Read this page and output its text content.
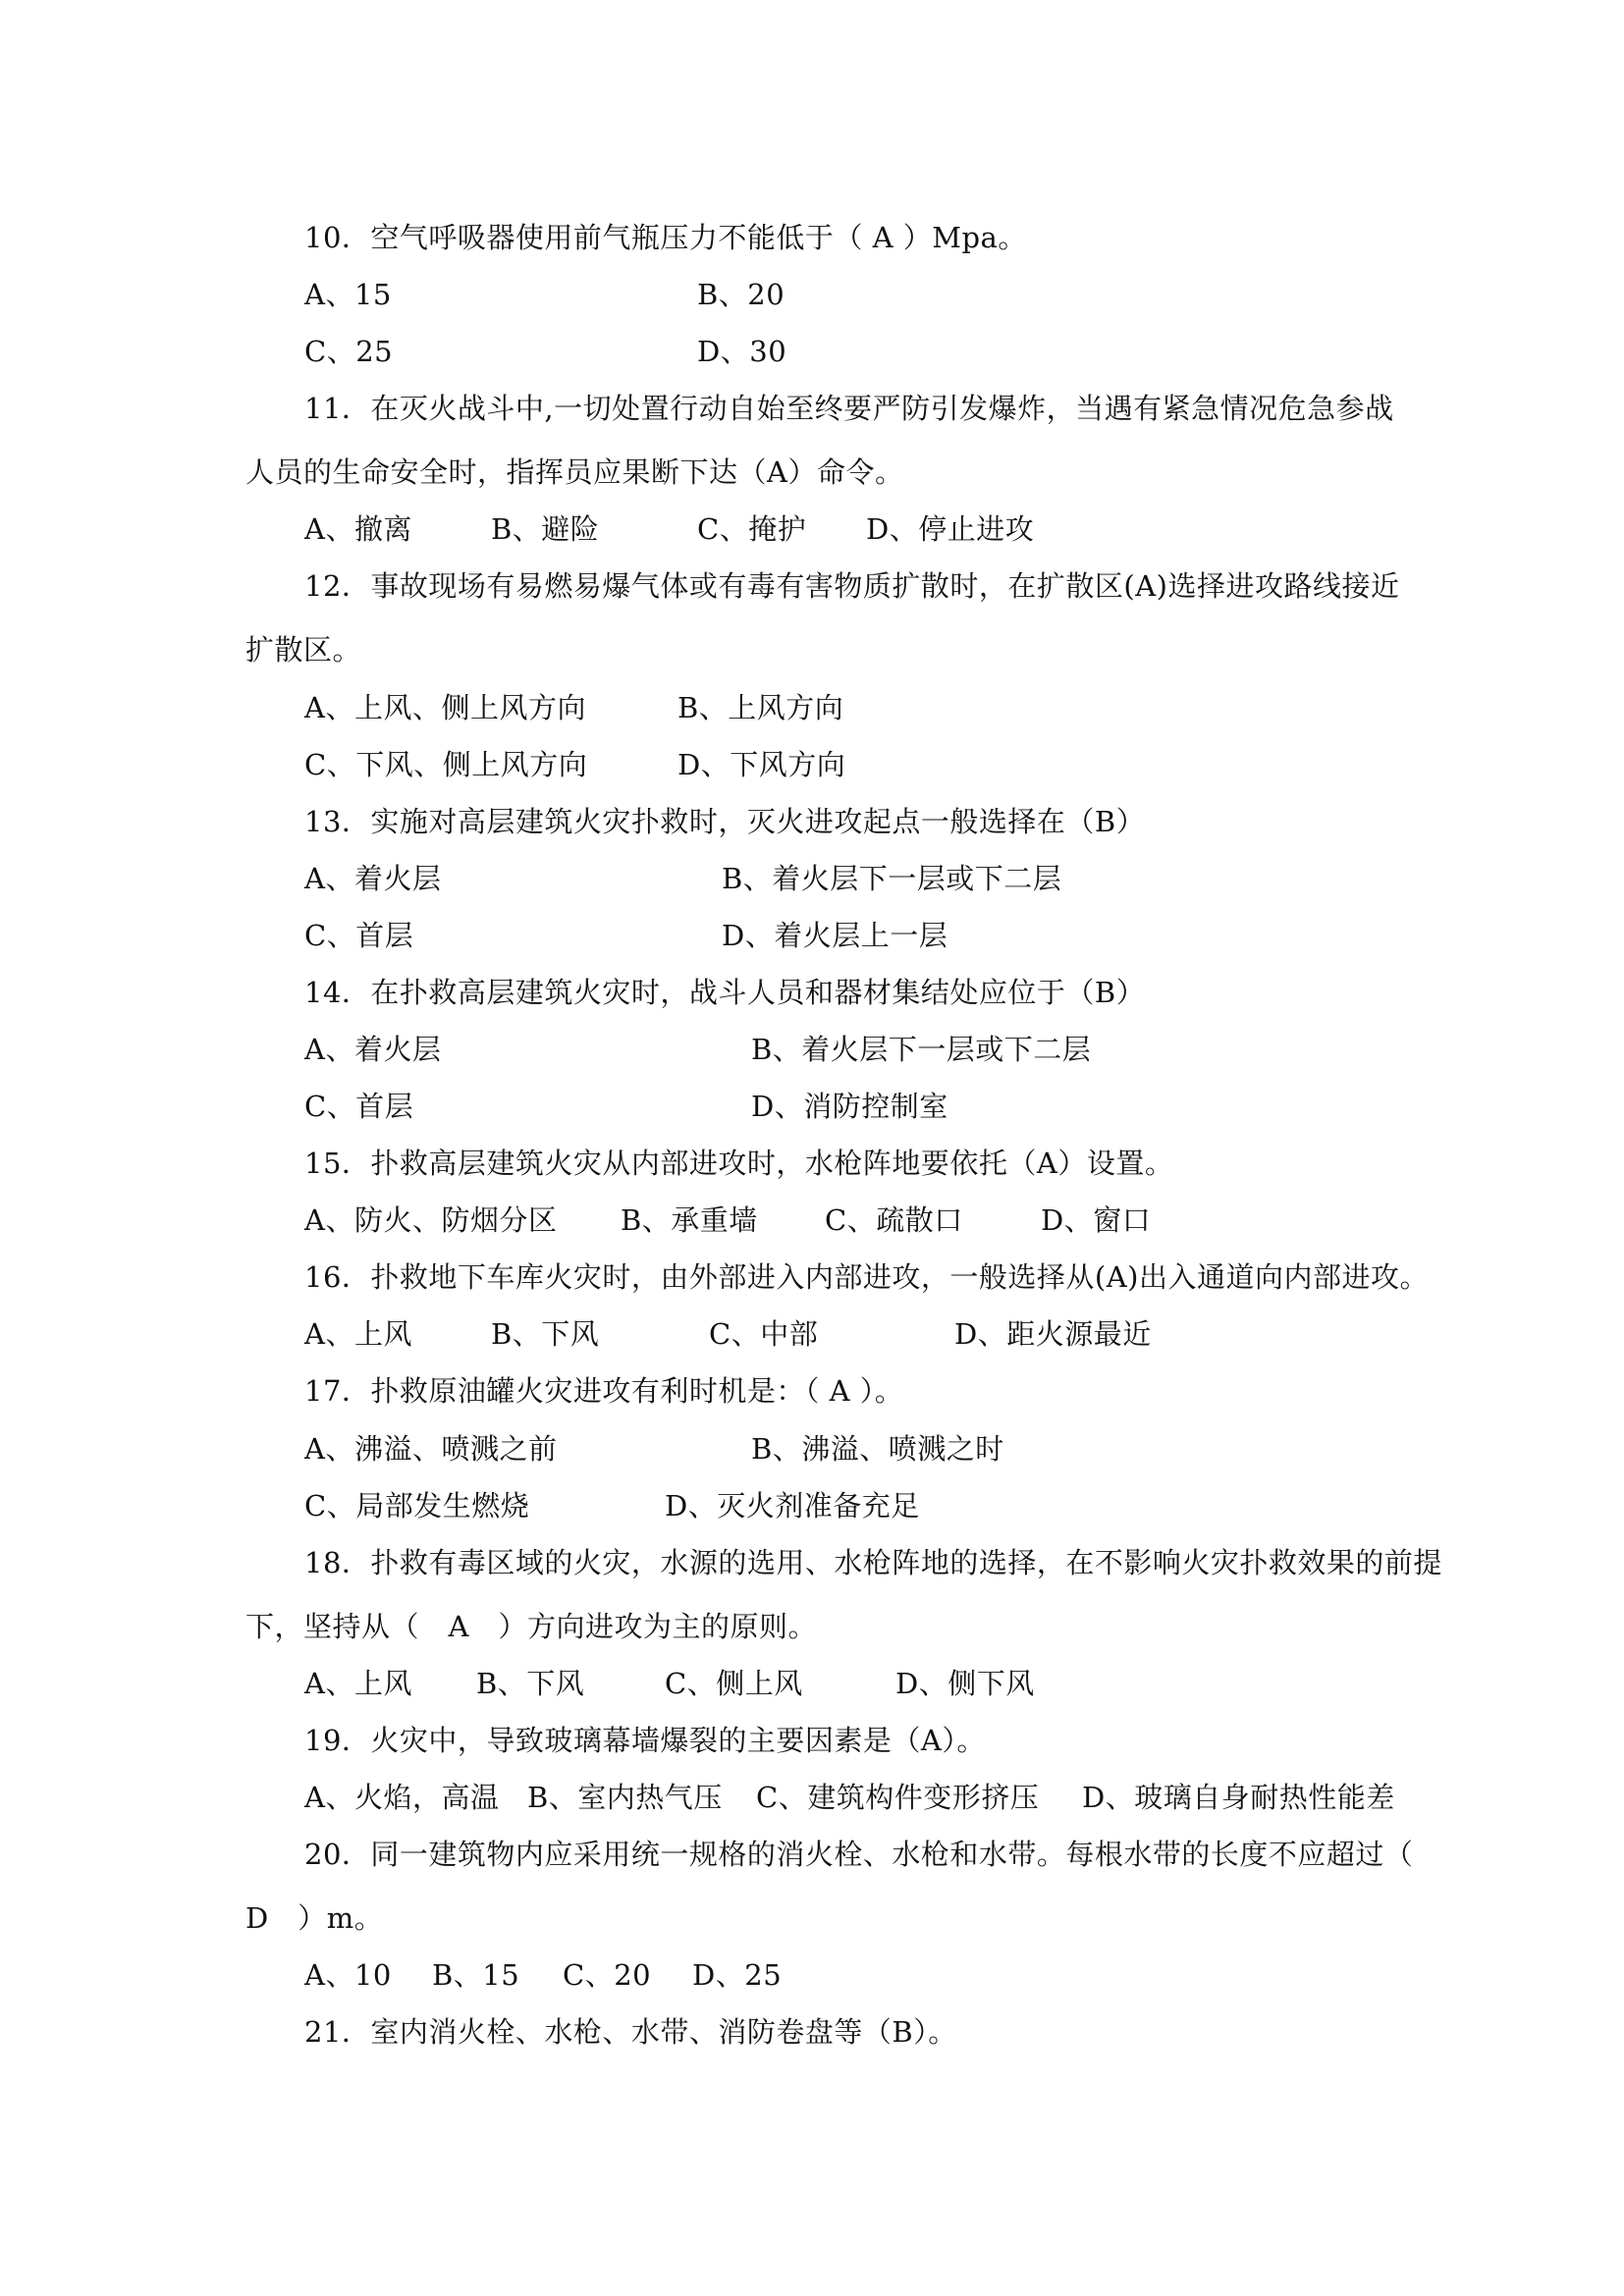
10．空气呼吸器使用前气瓶压力不能低于（ A ）Mpa。
A、15	B、20
C、25	D、30
11．在灭火战斗中,一切处置行动自始至终要严防引发爆炸，当遇有紧急情况危急参战
人员的生命安全时，指挥员应果断下达（A）命令。
A、撤离	B、避险	C、掩护 D、停止进攻
12．事故现场有易燃易爆气体或有毒有害物质扩散时，在扩散区(A)选择进攻路线接近
扩散区。
A、上风、侧上风方向	B、上风方向
C、下风、侧上风方向	D、下风方向
13．实施对高层建筑火灾扑救时，灭火进攻起点一般选择在（B）
A、着火层	B、着火层下一层或下二层
C、首层	D、着火层上一层
14．在扑救高层建筑火灾时，战斗人员和器材集结处应位于（B）
A、着火层	B、着火层下一层或下二层
C、首层	D、消防控制室
15．扑救高层建筑火灾从内部进攻时，水枪阵地要依托（A）设置。
A、防火、防烟分区 B、承重墙 C、疏散口	D、窗口
16．扑救地下车库火灾时，由外部进入内部进攻，一般选择从(A)出入通道向内部进攻。
A、上风	B、下风	C、中部	D、距火源最近
17．扑救原油罐火灾进攻有利时机是：（ A ）。
A、沸溢、喷溅之前	B、沸溢、喷溅之时
C、局部发生燃烧	D、灭火剂准备充足
18．扑救有毒区域的火灾，水源的选用、水枪阵地的选择，在不影响火灾扑救效果的前提
下，坚持从（　A　）方向进攻为主的原则。
A、上风 B、下风	C、侧上风	D、侧下风
19．火灾中，导致玻璃幕墙爆裂的主要因素是（A）。
A、火焰，高温 B、室内热气压 C、建筑构件变形挤压 D、玻璃自身耐热性能差
20．同一建筑物内应采用统一规格的消火栓、水枪和水带。每根水带的长度不应超过（
D　）m。
A、10 B、15 C、20 D、25
21．室内消火栓、水枪、水带、消防卷盘等（B）。
